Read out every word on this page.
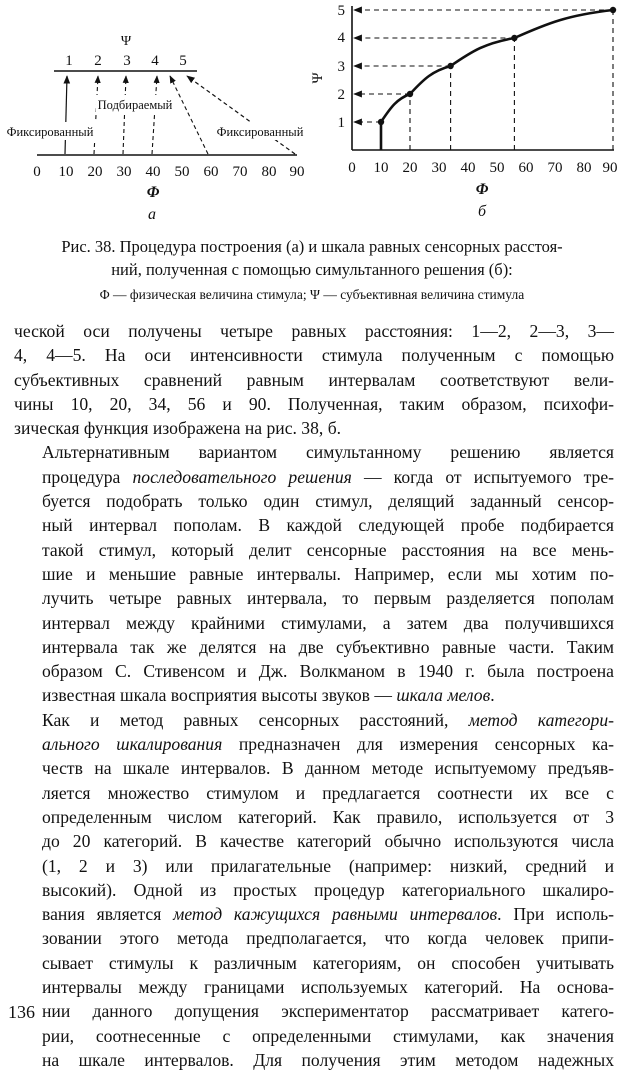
Ψ
1 2 3 4 5
Подбираемый
Фиксированный	Фиксированный
0 10 20 30 40 50 60 70 80 90
Φ
а
Ψ
1
2
3
4
5
0 10 20 30 40 50 60 70 80 90
Φ
б
Рис. 38. Процедура построения (а) и шкала равных сенсорных расстоя-
ний, полученная с помощью симультанного решения (б):
Φ — физическая величина стимула; Ψ — субъективная величина стимула

ческой оси получены четыре равных расстояния: 1—2, 2—3, 3—
4, 4—5. На оси интенсивности стимула полученным с помощью
субъективных сравнений равным интервалам соответствуют вели-
чины 10, 20, 34, 56 и 90. Полученная, таким образом, психофи-
зическая функция изображена на рис. 38, б.

Альтернативным вариантом симультанному решению является
процедура последовательного решения — когда от испытуемого тре-
буется подобрать только один стимул, делящий заданный сенсор-
ный интервал пополам. В каждой следующей пробе подбирается
такой стимул, который делит сенсорные расстояния на все мень-
шие и меньшие равные интервалы. Например, если мы хотим по-
лучить четыре равных интервала, то первым разделяется пополам
интервал между крайними стимулами, а затем два получившихся
интервала так же делятся на две субъективно равные части. Таким
образом С. Стивенсом и Дж. Волкманом в 1940 г. была построена
известная шкала восприятия высоты звуков — шкала мелов.

Как и метод равных сенсорных расстояний, метод категори-
ального шкалирования предназначен для измерения сенсорных ка-
честв на шкале интервалов. В данном методе испытуемому предъяв-
ляется множество стимулом и предлагается соотнести их все с
определенным числом категорий. Как правило, используется от 3
до 20 категорий. В качестве категорий обычно используются числа
(1, 2 и 3) или прилагательные (например: низкий, средний и
высокий). Одной из простых процедур категориального шкалиро-
вания является метод кажущихся равными интервалов. При исполь-
зовании этого метода предполагается, что когда человек припи-
сывает стимулы к различным категориям, он способен учитывать
интервалы между границами используемых категорий. На основа-
нии данного допущения экспериментатор рассматривает катего-
рии, соотнесенные с определенными стимулами, как значения
на шкале интервалов. Для получения этим методом надежных

136
